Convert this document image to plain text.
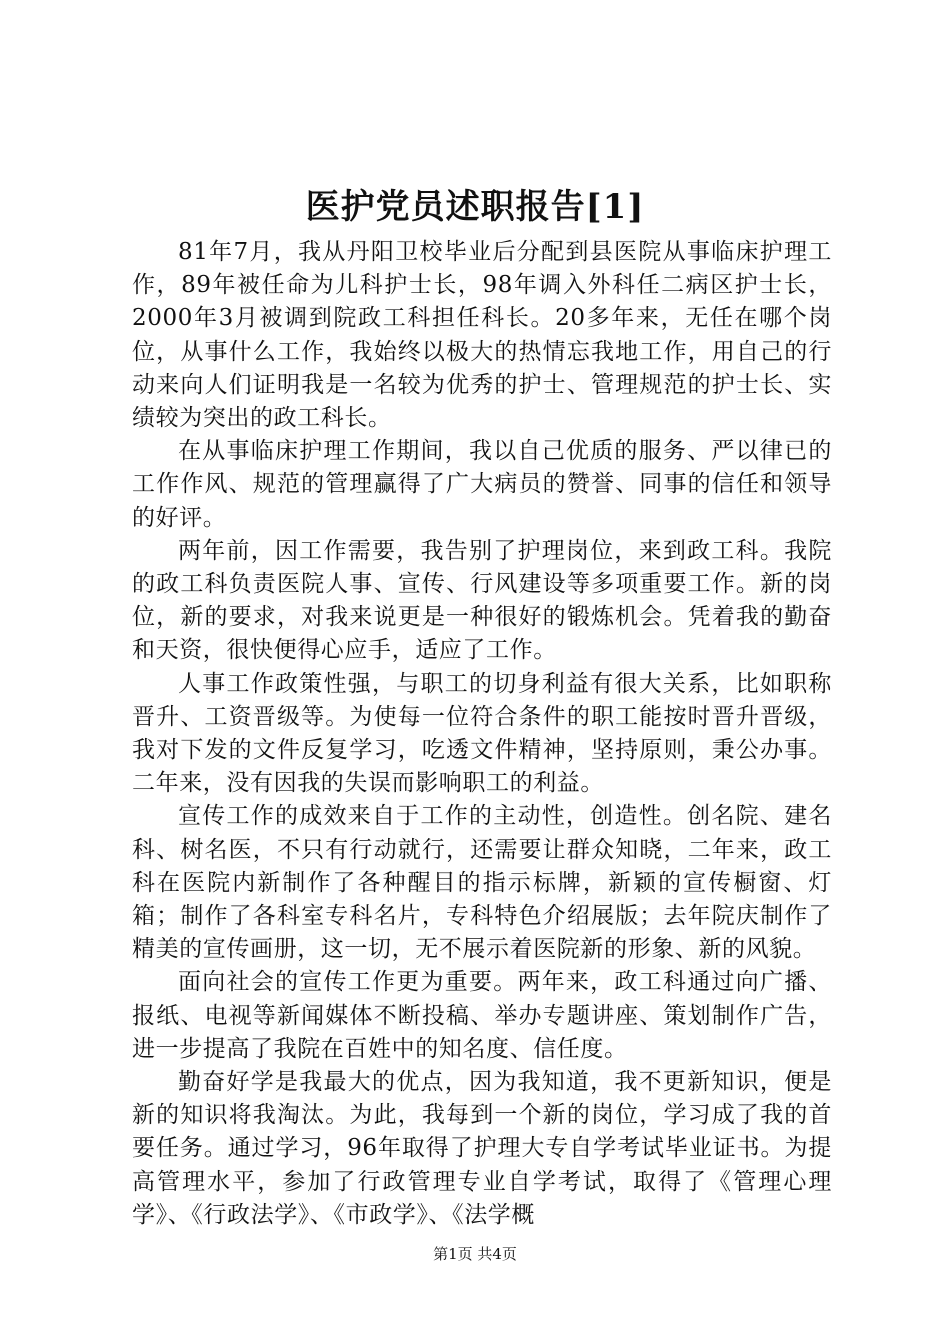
医护党员述职报告[1]

81年7月，我从丹阳卫校毕业后分配到县医院从事临床护理工作，89年被任命为儿科护士长，98年调入外科任二病区护士长，2000年3月被调到院政工科担任科长。20多年来，无任在哪个岗位，从事什么工作，我始终以极大的热情忘我地工作，用自己的行动来向人们证明我是一名较为优秀的护士、管理规范的护士长、实绩较为突出的政工科长。

在从事临床护理工作期间，我以自己优质的服务、严以律已的工作作风、规范的管理赢得了广大病员的赞誉、同事的信任和领导的好评。

两年前，因工作需要，我告别了护理岗位，来到政工科。我院的政工科负责医院人事、宣传、行风建设等多项重要工作。新的岗位，新的要求，对我来说更是一种很好的锻炼机会。凭着我的勤奋和天资，很快便得心应手，适应了工作。

人事工作政策性强，与职工的切身利益有很大关系，比如职称晋升、工资晋级等。为使每一位符合条件的职工能按时晋升晋级，我对下发的文件反复学习，吃透文件精神，坚持原则，秉公办事。二年来，没有因我的失误而影响职工的利益。

宣传工作的成效来自于工作的主动性，创造性。创名院、建名科、树名医，不只有行动就行，还需要让群众知晓，二年来，政工科在医院内新制作了各种醒目的指示标牌，新颖的宣传橱窗、灯箱；制作了各科室专科名片，专科特色介绍展版；去年院庆制作了精美的宣传画册，这一切，无不展示着医院新的形象、新的风貌。

面向社会的宣传工作更为重要。两年来，政工科通过向广播、报纸、电视等新闻媒体不断投稿、举办专题讲座、策划制作广告，进一步提高了我院在百姓中的知名度、信任度。

勤奋好学是我最大的优点，因为我知道，我不更新知识，便是新的知识将我淘汰。为此，我每到一个新的岗位，学习成了我的首要任务。通过学习，96年取得了护理大专自学考试毕业证书。为提高管理水平，参加了行政管理专业自学考试，取得了《管理心理学》、《行政法学》、《市政学》、《法学概

第1页 共4页
